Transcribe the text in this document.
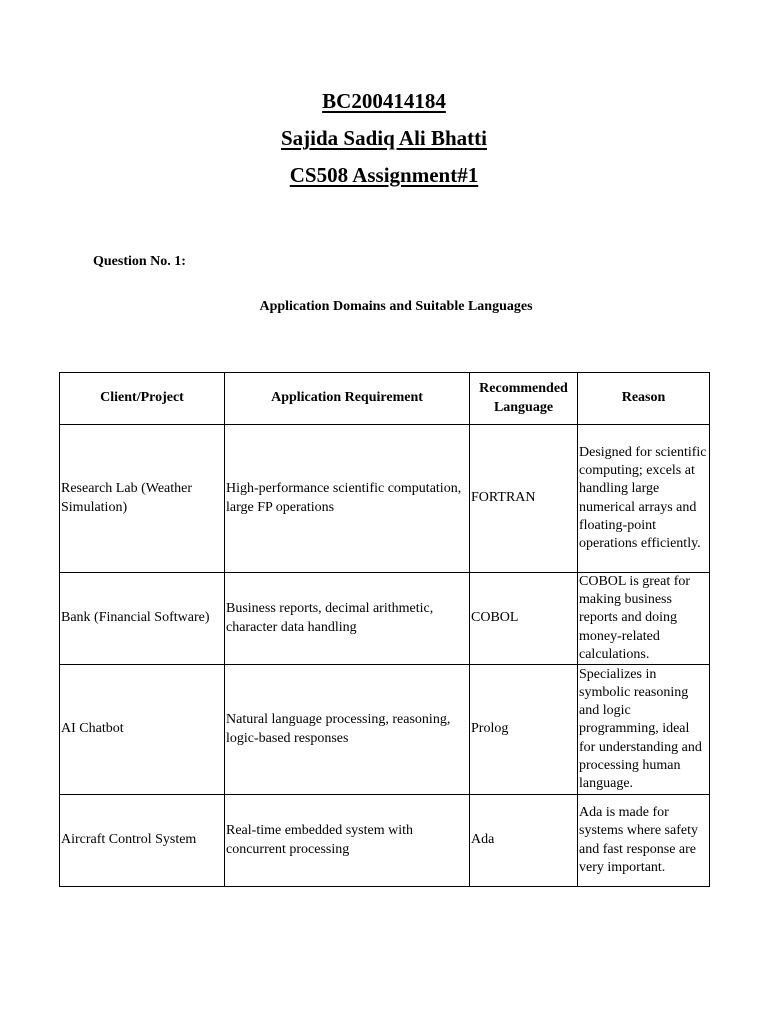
BC200414184
Sajida Sadiq Ali Bhatti
CS508 Assignment#1
Question No. 1:
Application Domains and Suitable Languages
Client/Project	Application Requirement	Recommended Language	Reason
Research Lab (Weather Simulation)	High-performance scientific computation, large FP operations	FORTRAN	Designed for scientific computing; excels at handling large numerical arrays and floating-point operations efficiently.
Bank (Financial Software)	Business reports, decimal arithmetic, character data handling	COBOL	COBOL is great for making business reports and doing money-related calculations.
AI Chatbot	Natural language processing, reasoning, logic-based responses	Prolog	Specializes in symbolic reasoning and logic programming, ideal for understanding and processing human language.
Aircraft Control System	Real-time embedded system with concurrent processing	Ada	Ada is made for systems where safety and fast response are very important.
